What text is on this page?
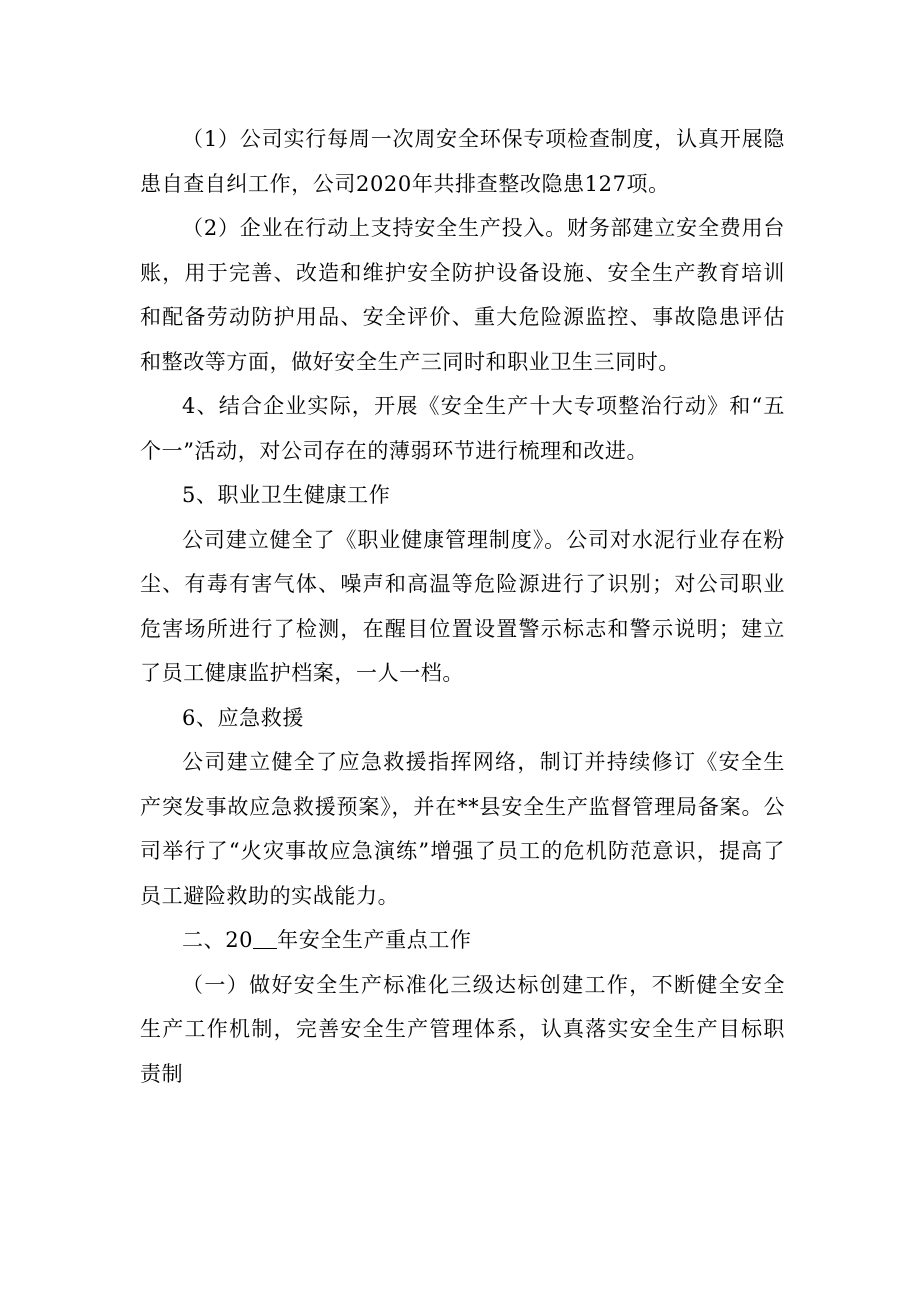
（1）公司实行每周一次周安全环保专项检查制度，认真开展隐患自查自纠工作，公司2020年共排查整改隐患127项。

（2）企业在行动上支持安全生产投入。财务部建立安全费用台账，用于完善、改造和维护安全防护设备设施、安全生产教育培训和配备劳动防护用品、安全评价、重大危险源监控、事故隐患评估和整改等方面，做好安全生产三同时和职业卫生三同时。

4、结合企业实际，开展《安全生产十大专项整治行动》和“五个一”活动，对公司存在的薄弱环节进行梳理和改进。

5、职业卫生健康工作

公司建立健全了《职业健康管理制度》。公司对水泥行业存在粉尘、有毒有害气体、噪声和高温等危险源进行了识别；对公司职业危害场所进行了检测，在醒目位置设置警示标志和警示说明；建立了员工健康监护档案，一人一档。

6、应急救援

公司建立健全了应急救援指挥网络，制订并持续修订《安全生产突发事故应急救援预案》，并在**县安全生产监督管理局备案。公司举行了“火灾事故应急演练”增强了员工的危机防范意识，提高了员工避险救助的实战能力。

二、20 年安全生产重点工作

（一）做好安全生产标准化三级达标创建工作，不断健全安全生产工作机制，完善安全生产管理体系，认真落实安全生产目标职责制
